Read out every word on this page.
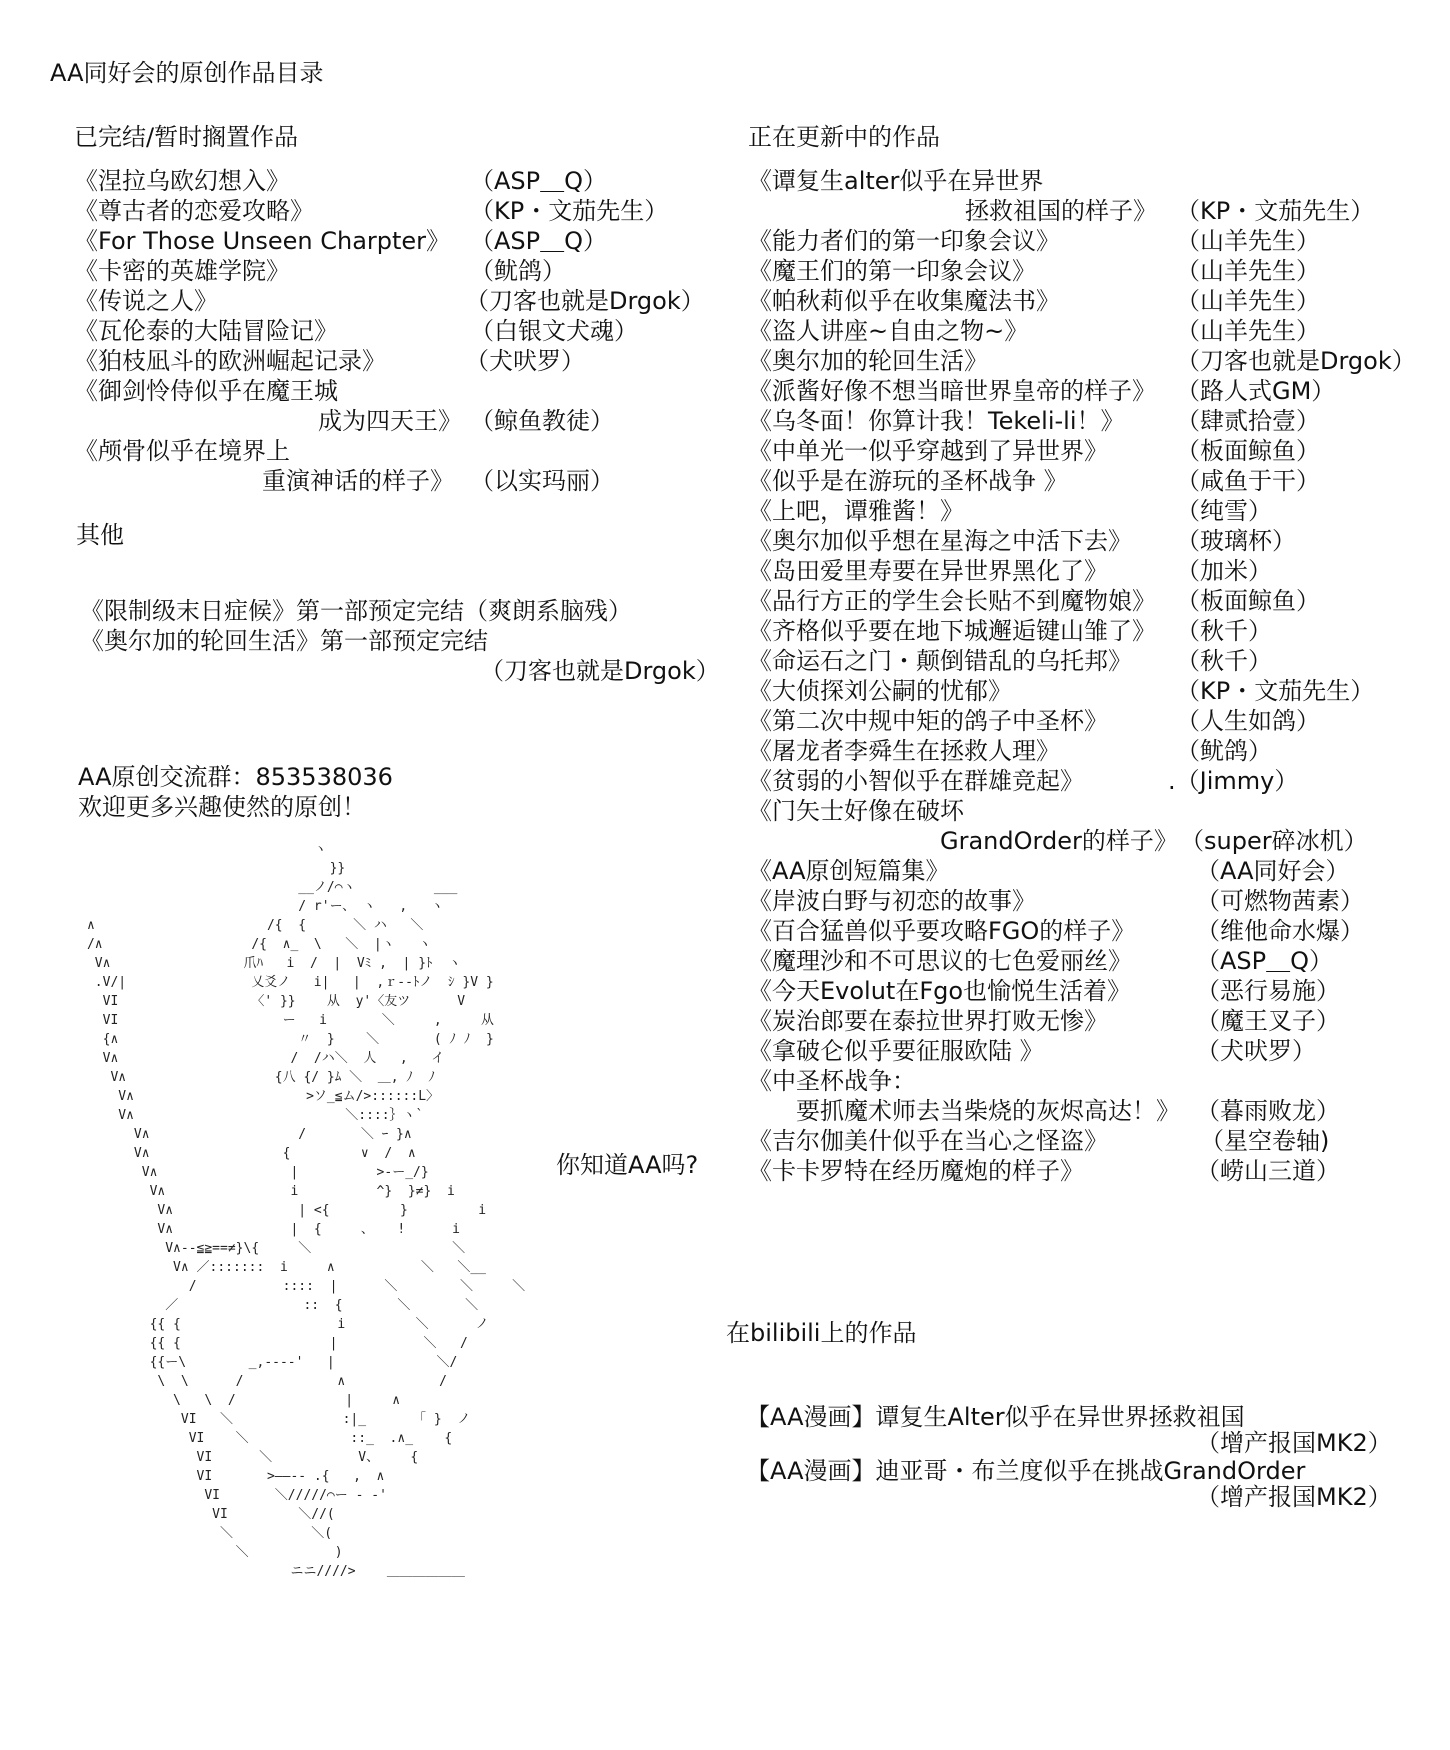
AA同好会的原创作品目录
已完结/暂时搁置作品
《涅拉乌欧幻想入》	（ASP＿Q）
《尊古者的恋爱攻略》	（KP・文茄先生）
《For Those Unseen Charpter》 （ASP＿Q）
《卡密的英雄学院》	（鱿鸽）
《传说之人》	（刀客也就是Drgok）
《瓦伦泰的大陆冒险记》	（白银文犬魂）
《狛枝凪斗的欧洲崛起记录》	（犬吠罗）
《御剑怜侍似乎在魔王城
成为四天王》 （鲸鱼教徒）
《颅骨似乎在境界上
重演神话的样子》 （以实玛丽）
其他
《限制级末日症候》第一部预定完结（爽朗系脑残）
《奥尔加的轮回生活》第一部预定完结
（刀客也就是Drgok）
AA原创交流群：853538036
欢迎更多兴趣使然的原创！
你知道AA吗?
ヽ
}}
__ノ/⌒ヽ          ___
/ r'ー、 ヽ   ,   ヽ
∧                      /{  {      ＼ ハ   ＼
/∧                   /{  ∧_  \   ＼  |ヽ   ヽ
V∧                 爪ﾊ   i  /  |  Vﾐ ,  | }ﾄ  ヽ
.V/|                乂爻ノ   i|   |  ,ｒ‐‐ﾄノ  ｼ }V }
VI                 〈' }}    从  y'〈友ツ      V
VI                     ー   i       ＼     ,     从
{∧                       〃  }    ＼       ( ﾉ ﾉ  }
V∧                      /  /ハ＼  人   ,   イ
V∧                   {八 {/ }ﾑ ＼  ＿, ﾉ  ﾉ
V∧                      >ソ_≦ム/>::::::L〉
V∧                           ＼::::｝ヽ`
V∧                   /       ＼ ｰ }∧
V∧                 {         ∨  /  ∧
V∧                 |          >-ー_/}
V∧                i          ^}  }≠}  i
V∧                | <{         }         i
V∧               |  {     、   !      i
V∧--≦≧==≠}\{     ＼                  ＼
V∧ ／:::::::  i     ∧           ＼   ＼__
/           ::::  |      ＼        ＼     ＼
／                ::  {       ＼       ＼
{{ {                    i         ＼      ノ
{{ {                   |           ＼   /
{{ー\        _,---‐'   |             ＼/
\  \      /            ∧            /
\   \  /              |     ∧
VI   ＼              :|_      「 }  ノ
VI    ＼             ::_  .∧_    {
VI      ＼           V、    {
VI       >――-‐ .{   ,  ∧
VI       ＼/////⌒ー - -'
VI         ＼//(
＼          ＼(
＼           )
ニニ////>    ＿＿＿＿＿＿

正在更新中的作品
《谭复生alter似乎在异世界
拯救祖国的样子》 （KP・文茄先生）
《能力者们的第一印象会议》	（山羊先生）
《魔王们的第一印象会议》	（山羊先生）
《帕秋莉似乎在收集魔法书》	（山羊先生）
《盗人讲座~自由之物~》	（山羊先生）
《奥尔加的轮回生活》	（刀客也就是Drgok）
《派酱好像不想当暗世界皇帝的样子》 （路人式GM）
《乌冬面！你算计我！Tekeli-li！》 （肆贰拾壹）
《中单光一似乎穿越到了异世界》	（板面鲸鱼）
《似乎是在游玩的圣杯战争 》	（咸鱼于干）
《上吧，谭雅酱！》	（纯雪）
《奥尔加似乎想在星海之中活下去》 （玻璃杯）
《岛田爱里寿要在异世界黑化了》	（加米）
《品行方正的学生会长贴不到魔物娘》 （板面鲸鱼）
《齐格似乎要在地下城邂逅键山雏了》 （秋千）
《命运石之门・颠倒错乱的乌托邦》 （秋千）
《大侦探刘公嗣的忧郁》	（KP・文茄先生）
《第二次中规中矩的鸽子中圣杯》	（人生如鸽）
《屠龙者李舜生在拯救人理》	（鱿鸽）
《贫弱的小智似乎在群雄竞起》	.（Jimmy）
《门矢士好像在破坏
GrandOrder的样子》 （super碎冰机）
《AA原创短篇集》	（AA同好会）
《岸波白野与初恋的故事》	（可燃物茜素）
《百合猛兽似乎要攻略FGO的样子》	（维他命水爆）
《魔理沙和不可思议的七色爱丽丝》	（ASP＿Q）
《今天Evolut在Fgo也愉悦生活着》	（恶行易施）
《炭治郎要在泰拉世界打败无惨》	（魔王叉子）
《拿破仑似乎要征服欧陆 》	（犬吠罗）
《中圣杯战争：
要抓魔术师去当柴烧的灰烬高达！》 （暮雨败龙）
《吉尔伽美什似乎在当心之怪盗》	（星空卷轴)
《卡卡罗特在经历魔炮的样子》	（崂山三道）
在bilibili上的作品
【AA漫画】谭复生Alter似乎在异世界拯救祖国
（增产报国MK2）
【AA漫画】迪亚哥・布兰度似乎在挑战GrandOrder
（增产报国MK2）
